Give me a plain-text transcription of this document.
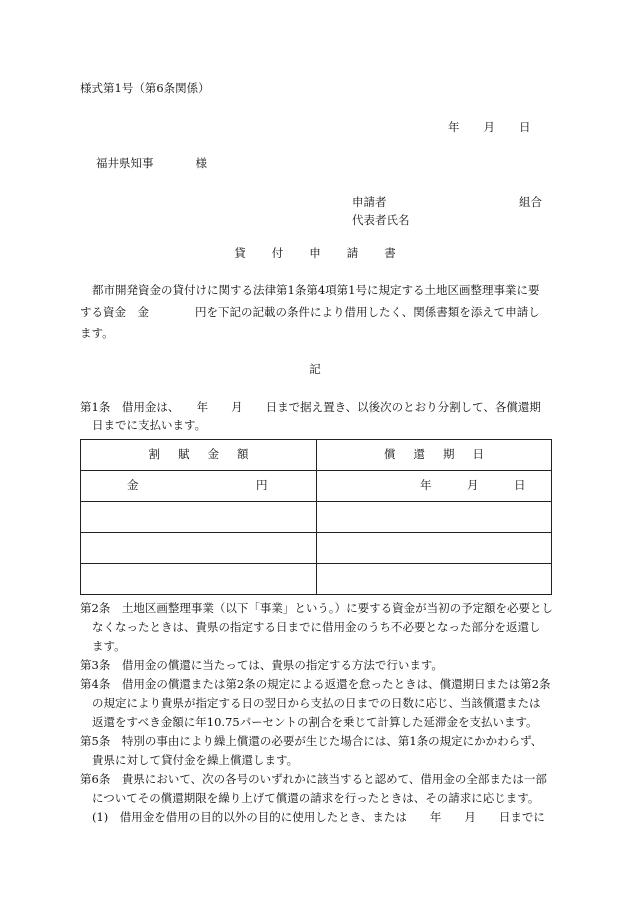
様式第1号（第6条関係）
年 月 日
福井県知事	様
申請者	組合
代表者氏名
貸 付 申 請 書
都市開発資金の貸付けに関する法律第1条第4項第1号に規定する土地区画整理事業に要
する資金　金　　　　円を下記の記載の条件により借用したく、関係書類を添えて申請し
ます。
記
第1条　借用金は、　　年　　月　　日まで据え置き、以後次のとおり分割して、各償還期
日までに支払います。
割 賦 金 額	償 還 期 日

金 円	年 月 日

第2条　土地区画整理事業（以下「事業」という。）に要する資金が当初の予定額を必要とし
なくなったときは、貴県の指定する日までに借用金のうち不必要となった部分を返還し
ます。
第3条　借用金の償還に当たっては、貴県の指定する方法で行います。
第4条　借用金の償還または第2条の規定による返還を怠ったときは、償還期日または第2条
の規定により貴県が指定する日の翌日から支払の日までの日数に応じ、当該償還または
返還をすべき金額に年10.75パーセントの割合を乗じて計算した延滞金を支払います。
第5条　特別の事由により繰上償還の必要が生じた場合には、第1条の規定にかかわらず、
貴県に対して貸付金を繰上償還します。
第6条　貴県において、次の各号のいずれかに該当すると認めて、借用金の全部または一部
についてその償還期限を繰り上げて償還の請求を行ったときは、その請求に応じます。
(1)　借用金を借用の目的以外の目的に使用したとき、または　　年　　月　　日までに
